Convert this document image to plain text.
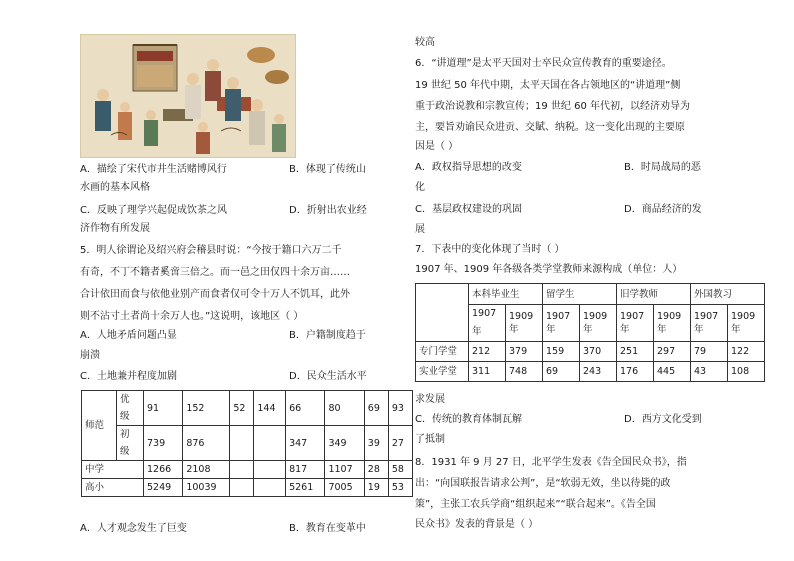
A．描绘了宋代市井生活赌博风行	B．体现了传统山
水画的基本风格
C．反映了理学兴起促成饮茶之风	D．折射出农业经
济作物有所发展
5．明人徐谓论及绍兴府会稽县时说：“今按于籍口六万二千
有奇，不丁不籍者奚啻三倍之。而一邑之田仅四十余万亩……
合计依田而食与依他业别产而食者仅可令十万人不饥耳，此外
则不沾寸土者尚十余万人也。”这说明，该地区（ ）
A．人地矛盾问题凸显	B．户籍制度趋于
崩溃
C．土地兼并程度加剧	D．民众生活水平
师范	优
级	91	152	52	144	66	80	69	93

	初
级	739	876			347	349	39	27

中学		1266	2108			817	1107	28	58
高小		5249	10039			5261	7005	19	53
A．人才观念发生了巨变	B．教育在变革中
较高
6．“讲道理”是太平天国对士卒民众宣传教育的重要途径。
19 世纪 50 年代中期，太平天国在各占领地区的“讲道理”侧
重于政治说教和宗教宣传；19 世纪 60 年代初，以经济劝导为
主，要旨劝谕民众进贡、交賦、纳税。这一变化出现的主要原
因是（ ）
A．政权指导思想的改变	B．时局战局的恶
化
C．基层政权建设的巩固	D．商品经济的发
展
7．下表中的变化体现了当时（ ）
1907 年、1909 年各级各类学堂教师来源构成（单位：人）
	本科毕业生		留学生		旧学教师		外国教习	
	1907
年	1909
年	1907
年	1909
年	1907
年	1909
年	1907
年	1909
年
专门学堂	212	379	159	370	251	297	79	122
实业学堂	311	748	69	243	176	445	43	108
求发展
C．传统的教育体制瓦解	D．西方文化受到
了抵制
8．1931 年 9 月 27 日，北平学生发表《告全国民众书》，指
出：“向国联报告请求公判”，是“软弱无效，坐以待毙的政
策”，主张工农兵学商“组织起来”“联合起来”。《告全国
民众书》发表的背景是（ ）
